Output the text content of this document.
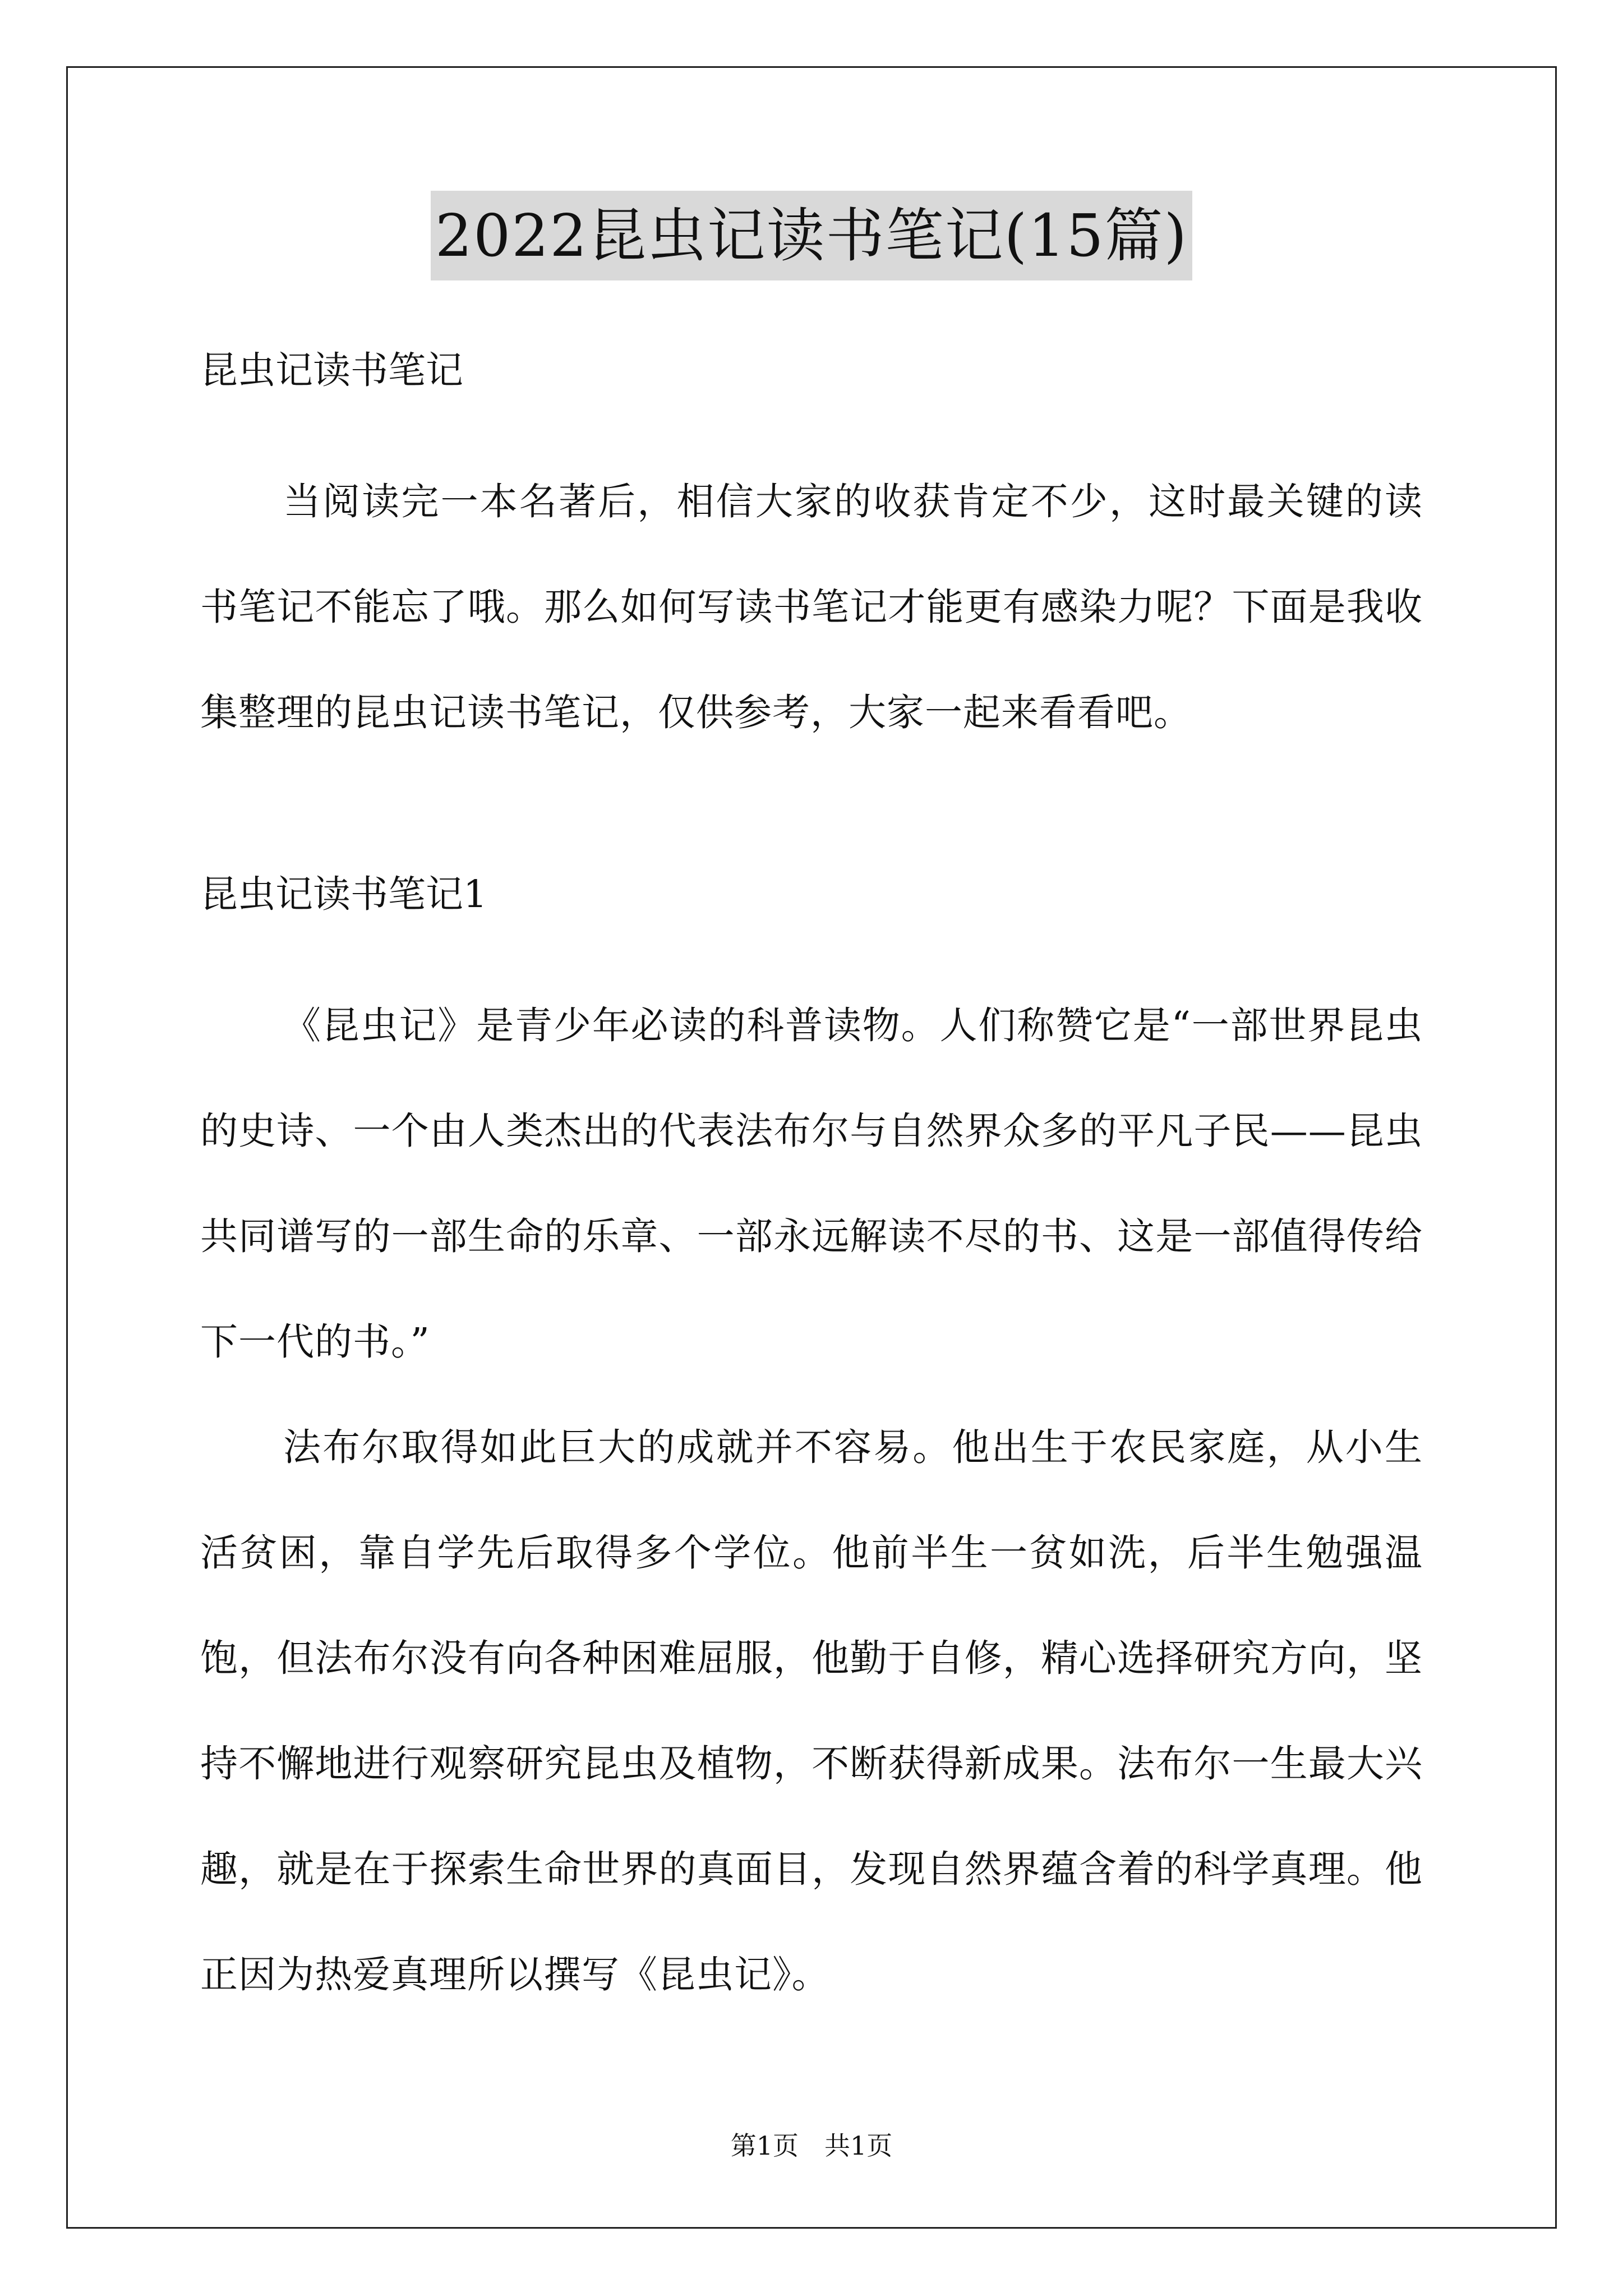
2022昆虫记读书笔记(15篇)

昆虫记读书笔记

当阅读完一本名著后，相信大家的收获肯定不少，这时最关键的读书笔记不能忘了哦。那么如何写读书笔记才能更有感染力呢？下面是我收集整理的昆虫记读书笔记，仅供参考，大家一起来看看吧。

昆虫记读书笔记1

《昆虫记》是青少年必读的科普读物。人们称赞它是“一部世界昆虫的史诗、一个由人类杰出的代表法布尔与自然界众多的平凡子民——昆虫共同谱写的一部生命的乐章、一部永远解读不尽的书、这是一部值得传给下一代的书。”

法布尔取得如此巨大的成就并不容易。他出生于农民家庭，从小生活贫困，靠自学先后取得多个学位。他前半生一贫如洗，后半生勉强温饱，但法布尔没有向各种困难屈服，他勤于自修，精心选择研究方向，坚持不懈地进行观察研究昆虫及植物，不断获得新成果。法布尔一生最大兴趣，就是在于探索生命世界的真面目，发现自然界蕴含着的科学真理。他正因为热爱真理所以撰写《昆虫记》。

第1页　共1页
